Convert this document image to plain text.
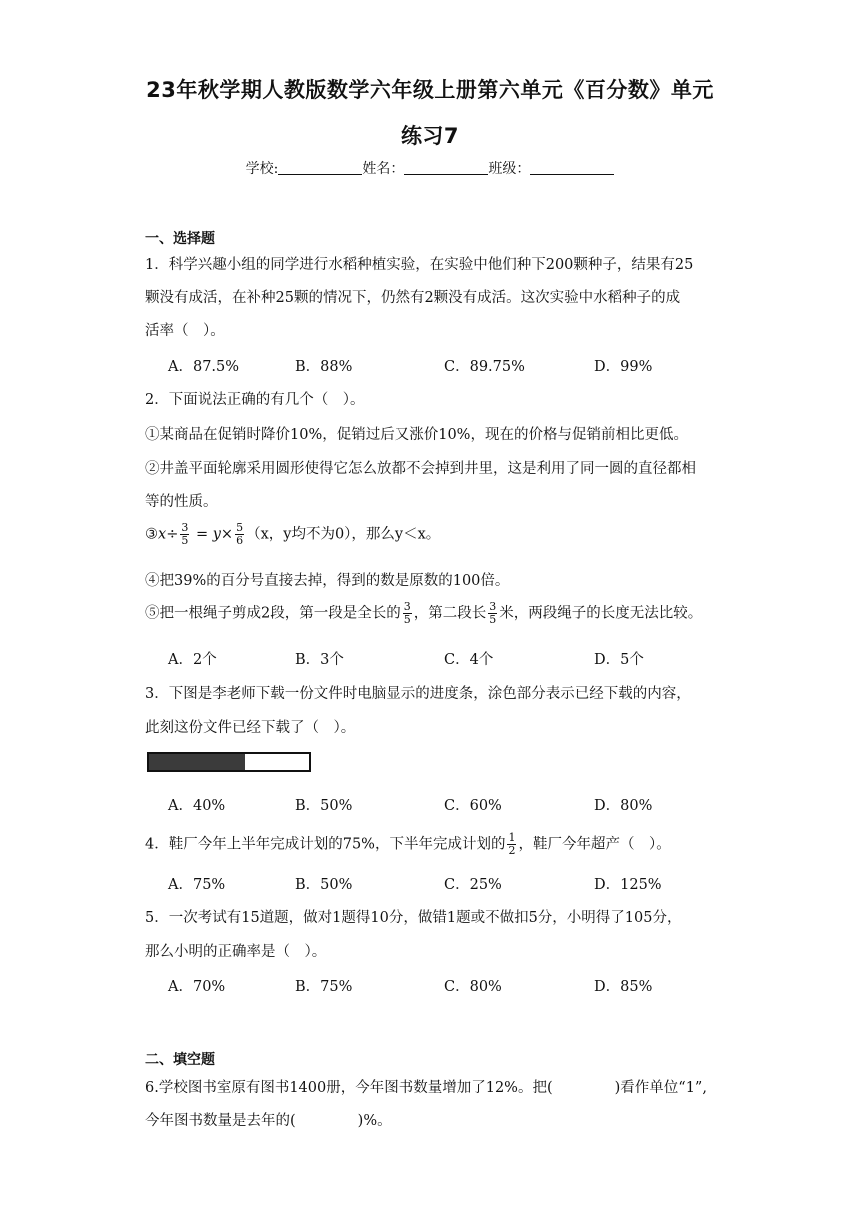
23年秋学期人教版数学六年级上册第六单元《百分数》单元
练习7
学校:	姓名：	班级：
一、选择题
1．科学兴趣小组的同学进行水稻种植实验，在实验中他们种下200颗种子，结果有25
颗没有成活，在补种25颗的情况下，仍然有2颗没有成活。这次实验中水稻种子的成
活率（　）。
A．87.5%	B．88%	C．89.75%	D．99%
2．下面说法正确的有几个（　）。
①某商品在促销时降价10%，促销过后又涨价10%，现在的价格与促销前相比更低。
②井盖平面轮廓采用圆形使得它怎么放都不会掉到井里，这是利用了同一圆的直径都相
等的性质。
③x÷ $\frac{3}{5} = y\times \frac{5}{6} (x$，y均不为0），那么y＜x。
④把39%的百分号直接去掉，得到的数是原数的100倍。
⑤把一根绳子剪成2段，第一段是全长的 $\frac{3}{5}$ ，第二段长 $\frac{3}{5}$ 米，两段绳子的长度无法比较。
A．2个	B．3个	C．4个	D．5个
3．下图是李老师下载一份文件时电脑显示的进度条，涂色部分表示已经下载的内容，
此刻这份文件已经下载了（　）。
A．40%	B．50%	C．60%	D．80%
4．鞋厂今年上半年完成计划的75%，下半年完成计划的 $\frac{1}{2}$ ，鞋厂今年超产（　）。
A．75%	B．50%	C．25%	D．125%
5．一次考试有15道题，做对1题得10分，做错1题或不做扣5分，小明得了105分，
那么小明的正确率是（　）。
A．70%	B．75%	C．80%	D．85%
二、填空题
6.学校图书室原有图书1400册，今年图书数量增加了12%。把(	)看作单位“1”,
今年图书数量是去年的(	)%。
